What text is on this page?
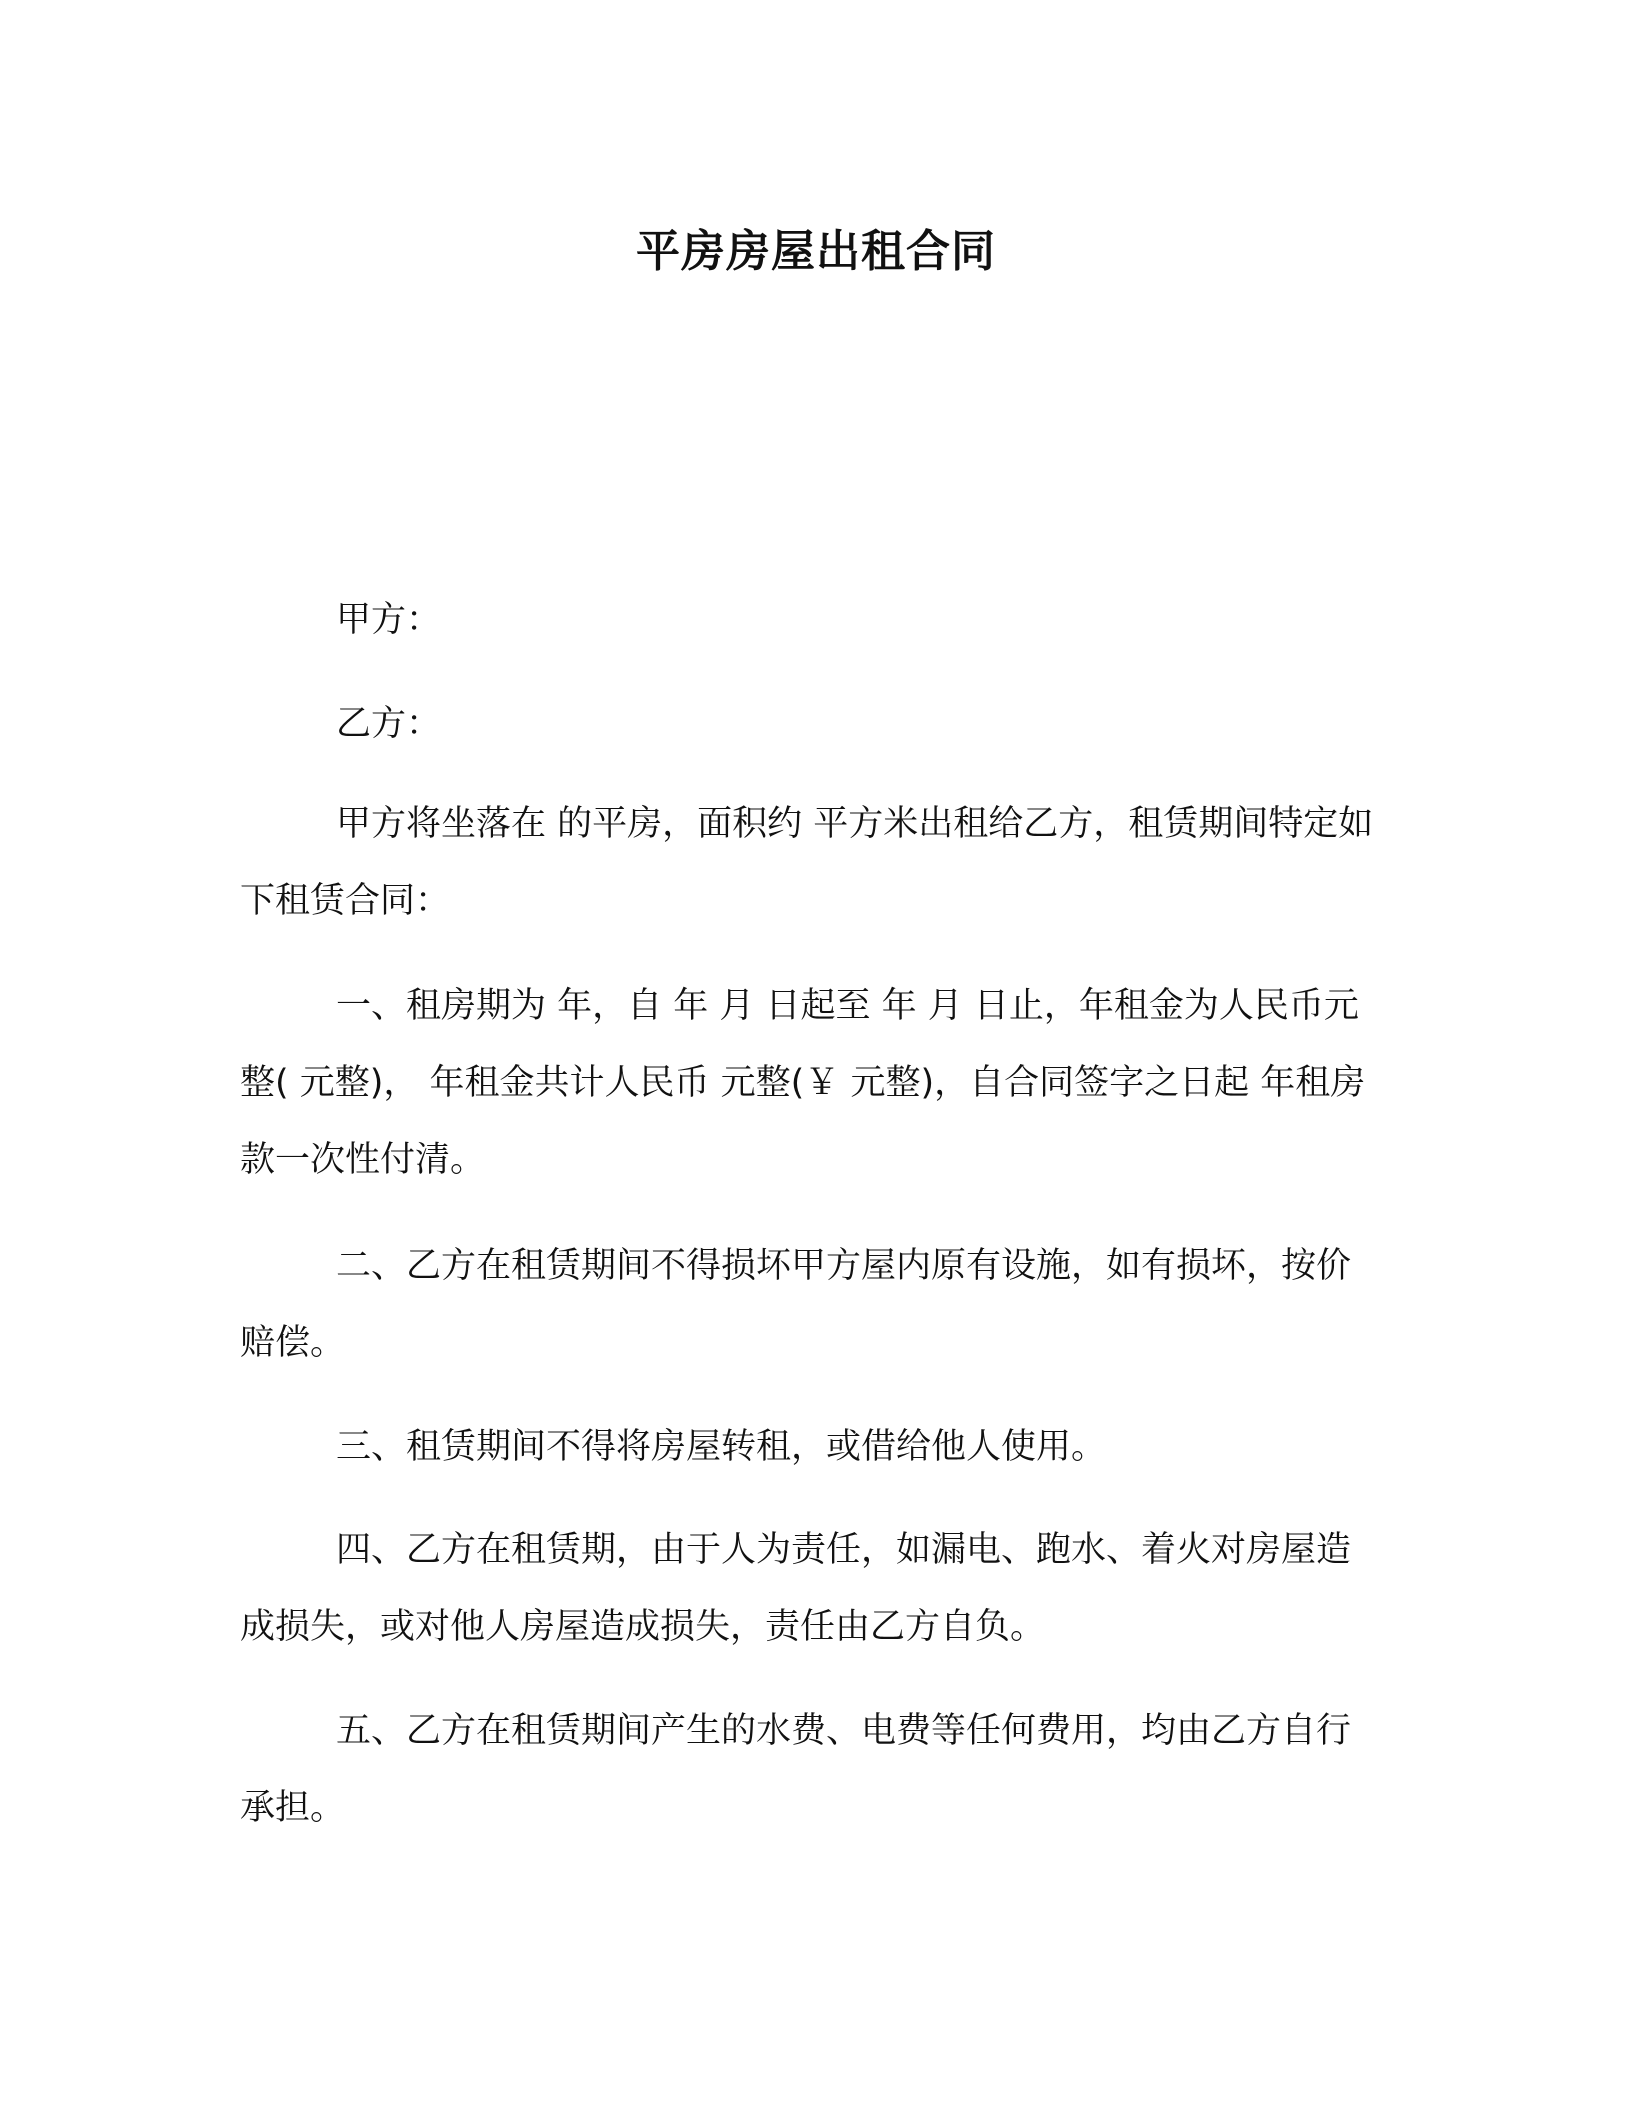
平房房屋出租合同

甲方：

乙方：

甲方将坐落在 的平房，面积约 平方米出租给乙方，租赁期间特定如下租赁合同：

一、租房期为 年，自 年 月 日起至 年 月 日止，年租金为人民币元整( 元整)， 年租金共计人民币 元整(￥ 元整)，自合同签字之日起 年租房款一次性付清。

二、乙方在租赁期间不得损坏甲方屋内原有设施，如有损坏，按价赔偿。

三、租赁期间不得将房屋转租，或借给他人使用。

四、乙方在租赁期，由于人为责任，如漏电、跑水、着火对房屋造成损失，或对他人房屋造成损失，责任由乙方自负。

五、乙方在租赁期间产生的水费、电费等任何费用，均由乙方自行承担。
